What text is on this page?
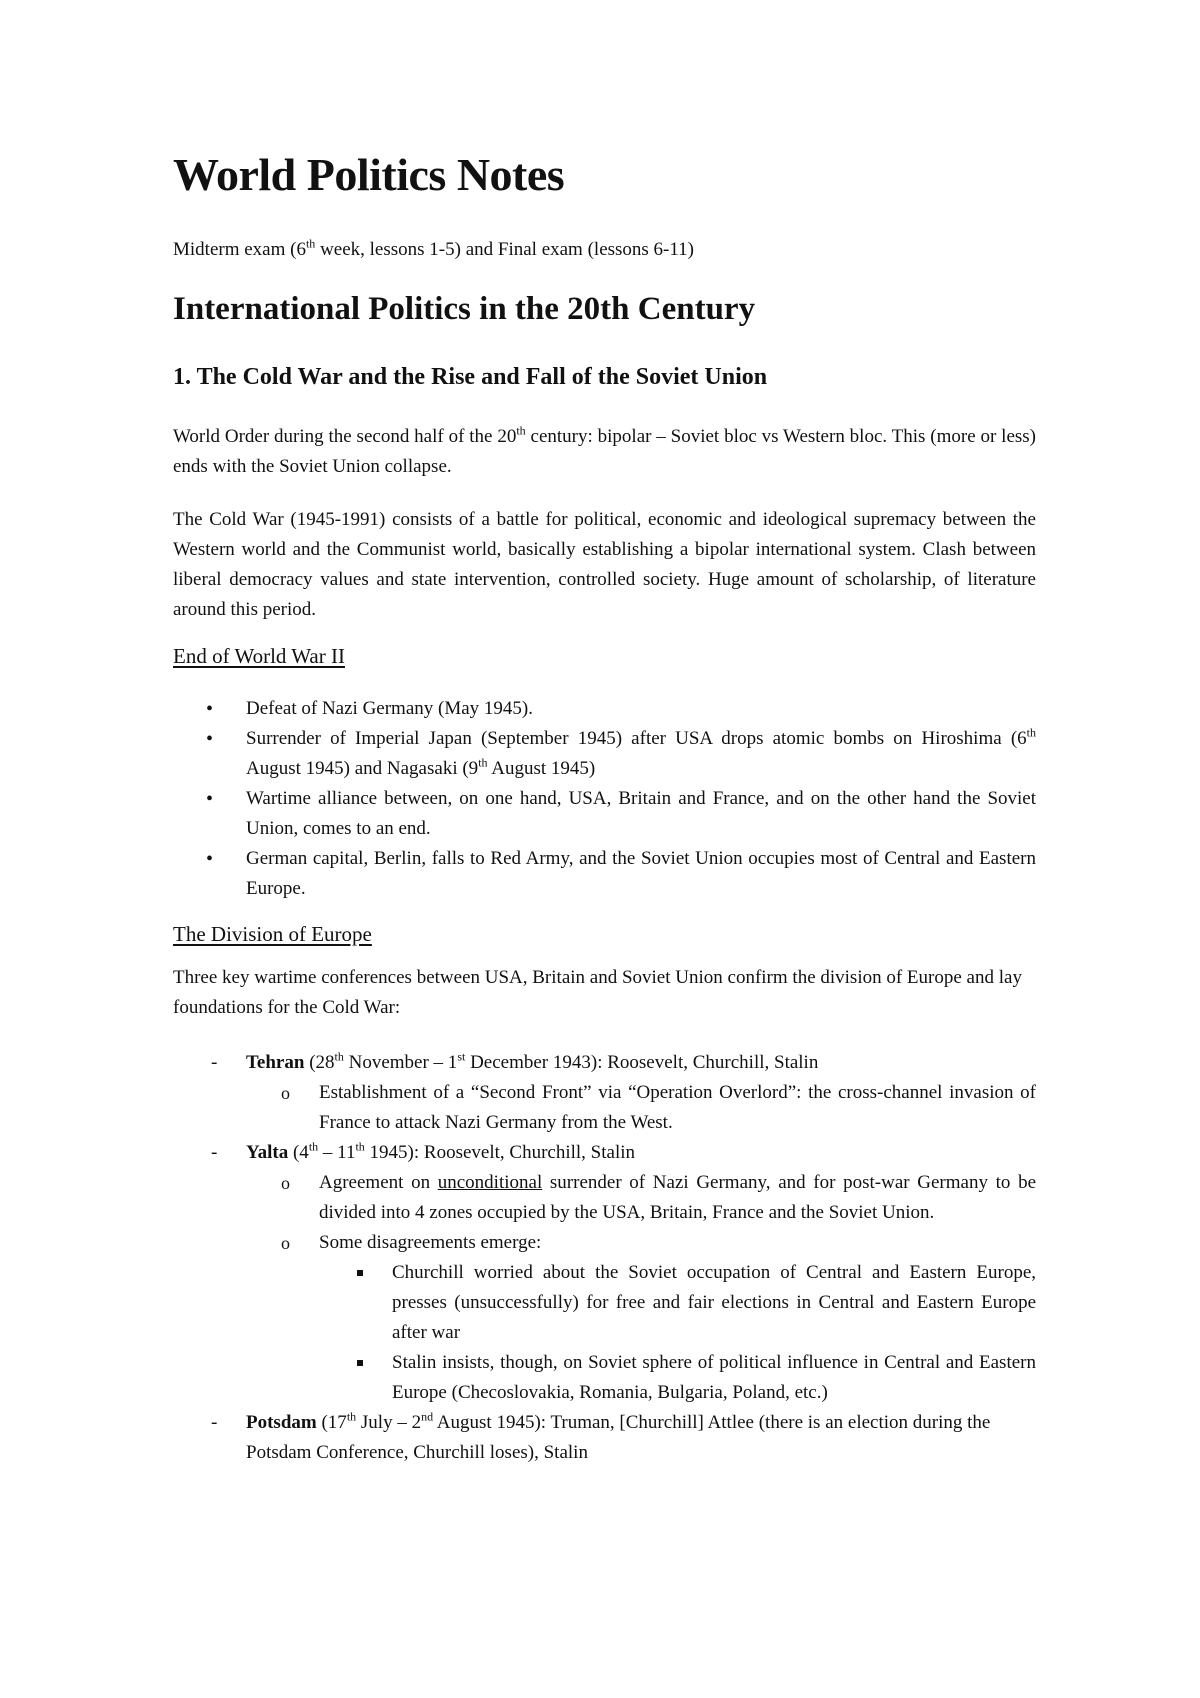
World Politics Notes
Midterm exam (6th week, lessons 1-5) and Final exam (lessons 6-11)
International Politics in the 20th Century
1. The Cold War and the Rise and Fall of the Soviet Union

World Order during the second half of the 20th century: bipolar – Soviet bloc vs Western bloc. This (more or less) ends with the Soviet Union collapse.

The Cold War (1945-1991) consists of a battle for political, economic and ideological supremacy between the Western world and the Communist world, basically establishing a bipolar international system. Clash between liberal democracy values and state intervention, controlled society. Huge amount of scholarship, of literature around this period.

End of World War II
• Defeat of Nazi Germany (May 1945).
• Surrender of Imperial Japan (September 1945) after USA drops atomic bombs on Hiroshima (6th August 1945) and Nagasaki (9th August 1945)
• Wartime alliance between, on one hand, USA, Britain and France, and on the other hand the Soviet Union, comes to an end.
• German capital, Berlin, falls to Red Army, and the Soviet Union occupies most of Central and Eastern Europe.
The Division of Europe

Three key wartime conferences between USA, Britain and Soviet Union confirm the division of Europe and lay foundations for the Cold War:

- Tehran (28th November – 1st December 1943): Roosevelt, Churchill, Stalin
o Establishment of a “Second Front” via “Operation Overlord”: the cross-channel invasion of France to attack Nazi Germany from the West.
- Yalta (4th – 11th 1945): Roosevelt, Churchill, Stalin
o Agreement on unconditional surrender of Nazi Germany, and for post-war Germany to be divided into 4 zones occupied by the USA, Britain, France and the Soviet Union.
o Some disagreements emerge:
Churchill worried about the Soviet occupation of Central and Eastern Europe, presses (unsuccessfully) for free and fair elections in Central and Eastern Europe after war
Stalin insists, though, on Soviet sphere of political influence in Central and Eastern Europe (Checoslovakia, Romania, Bulgaria, Poland, etc.)
- Potsdam (17th July – 2nd August 1945): Truman, [Churchill] Attlee (there is an election during the Potsdam Conference, Churchill loses), Stalin
